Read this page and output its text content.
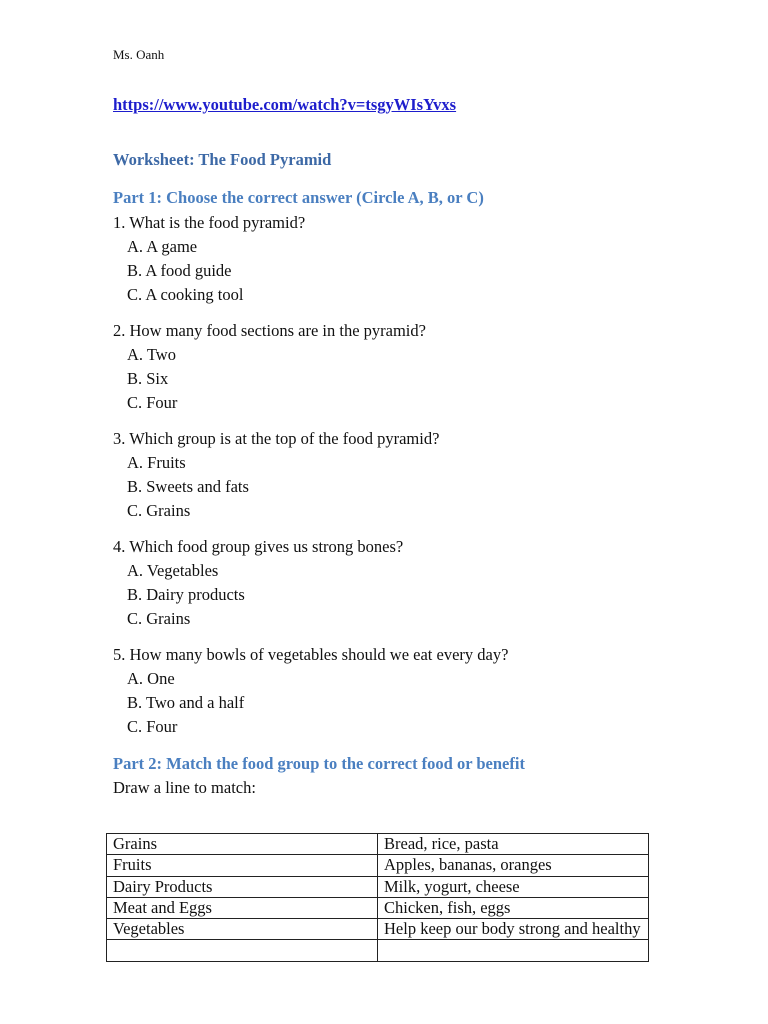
Ms. Oanh
https://www.youtube.com/watch?v=tsgyWIsYvxs
Worksheet: The Food Pyramid
Part 1: Choose the correct answer (Circle A, B, or C)
1. What is the food pyramid?
A. A game
B. A food guide
C. A cooking tool
2. How many food sections are in the pyramid?
A. Two
B. Six
C. Four
3. Which group is at the top of the food pyramid?
A. Fruits
B. Sweets and fats
C. Grains
4. Which food group gives us strong bones?
A. Vegetables
B. Dairy products
C. Grains
5. How many bowls of vegetables should we eat every day?
A. One
B. Two and a half
C. Four
Part 2: Match the food group to the correct food or benefit
Draw a line to match:
Grains	Bread, rice, pasta
Fruits	Apples, bananas, oranges
Dairy Products	Milk, yogurt, cheese
Meat and Eggs	Chicken, fish, eggs
Vegetables	Help keep our body strong and healthy
